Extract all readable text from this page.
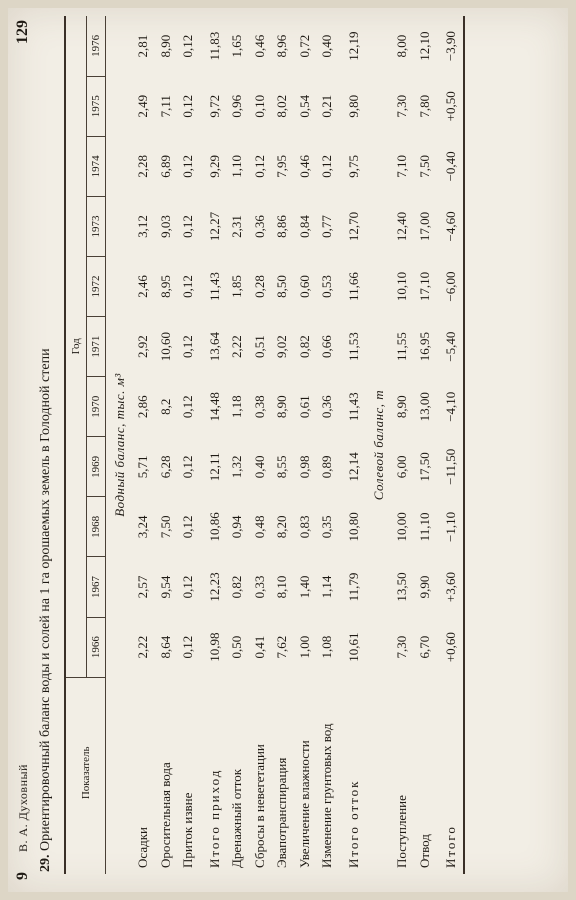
9
В. А. Духовный
129
29. Ориентировочный баланс воды и солей на 1 га орошаемых земель в Голодной степи Показатель	Год										
	1966	1967	1968	1969	1970	1971	1972	1973	1974	1975	1976
Водный баланс, тыс. м³											
Осадки	2,22	2,57	3,24	5,71	2,86	2,92	2,46	3,12	2,28	2,49	2,81
Оросительная вода	8,64	9,54	7,50	6,28	8,2	10,60	8,95	9,03	6,89	7,11	8,90
Приток извне	0,12	0,12	0,12	0,12	0,12	0,12	0,12	0,12	0,12	0,12	0,12
Итого приход	10,98	12,23	10,86	12,11	14,48	13,64	11,43	12,27	9,29	9,72	11,83
Дренажный отток	0,50	0,82	0,94	1,32	1,18	2,22	1,85	2,31	1,10	0,96	1,65
Сбросы в невегетации	0,41	0,33	0,48	0,40	0,38	0,51	0,28	0,36	0,12	0,10	0,46
Эвапотранспирация	7,62	8,10	8,20	8,55	8,90	9,02	8,50	8,86	7,95	8,02	8,96
Увеличение влажности	1,00	1,40	0,83	0,98	0,61	0,82	0,60	0,84	0,46	0,54	0,72
Изменение грунтовых вод	1,08	1,14	0,35	0,89	0,36	0,66	0,53	0,77	0,12	0,21	0,40
Итого отток	10,61	11,79	10,80	12,14	11,43	11,53	11,66	12,70	9,75	9,80	12,19
Солевой баланс, т											
Поступление	7,30	13,50	10,00	6,00	8,90	11,55	10,10	12,40	7,10	7,30	8,00
Отвод	6,70	9,90	11,10	17,50	13,00	16,95	17,10	17,00	7,50	7,80	12,10
Итого	+0,60	+3,60	−1,10	−11,50	−4,10	−5,40	−6,00	−4,60	−0,40	+0,50	−3,90
